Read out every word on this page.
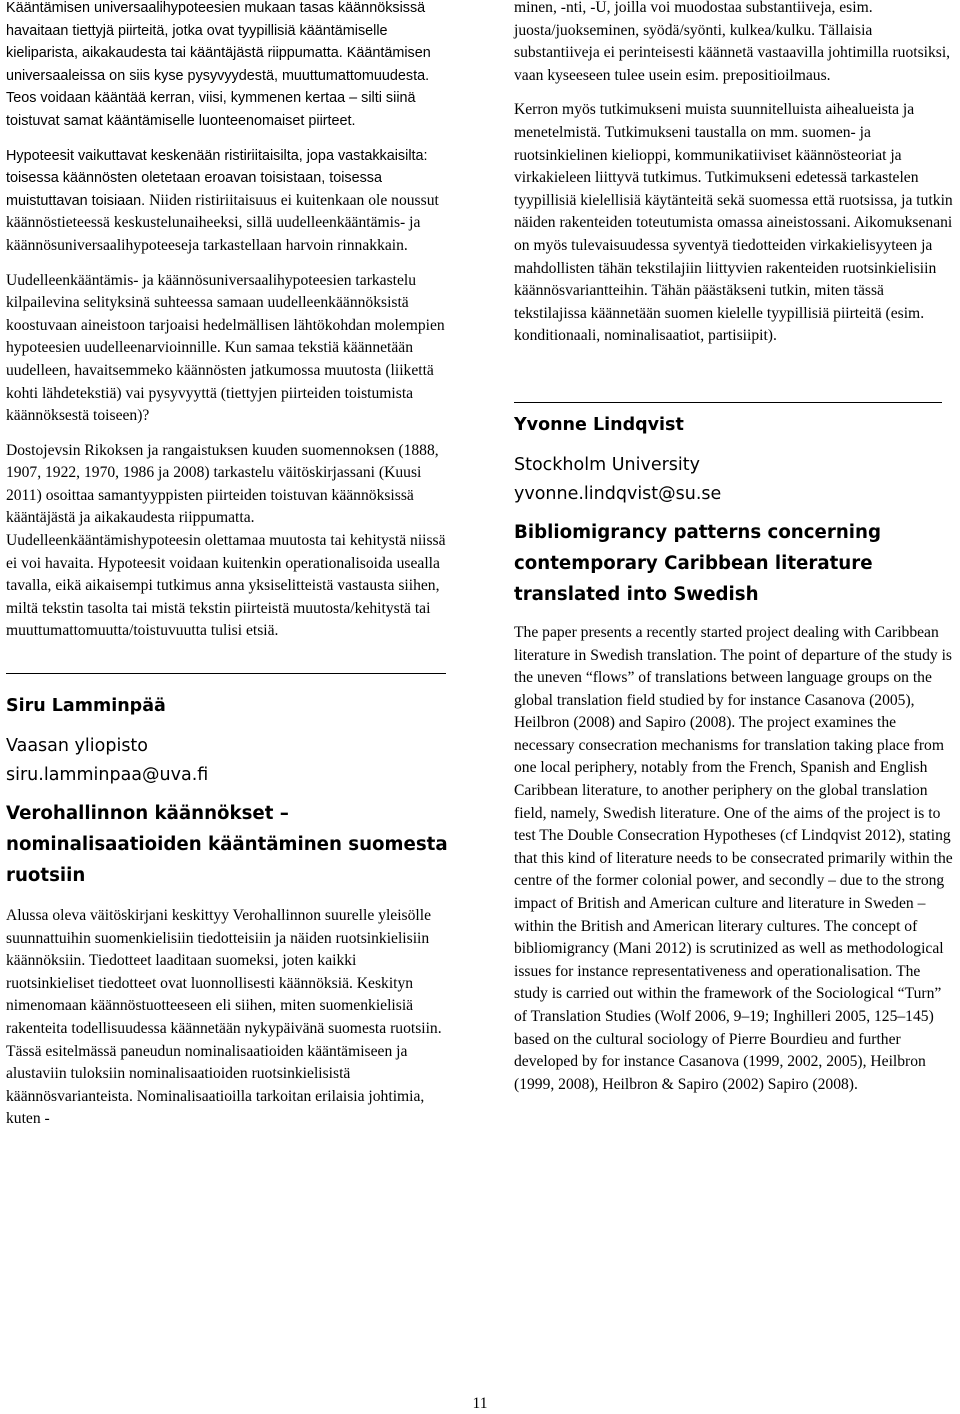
Kääntämisen universaalihypoteesien mukaan tasas käännöksissä havaitaan tiettyjä piirteitä, jotka ovat tyypillisiä kääntämiselle kieliparista, aikakaudesta tai kääntäjästä riippumatta. Kääntämisen universaaleissa on siis kyse pysyvyydestä, muuttumattomuudesta. Teos voidaan kääntää kerran, viisi, kymmenen kertaa – silti siinä toistuvat samat kääntämiselle luonteenomaiset piirteet.

Hypoteesit vaikuttavat keskenään ristiriitaisilta, jopa vastakkaisilta: toisessa käännösten oletetaan eroavan toisistaan, toisessa muistuttavan toisiaan. Niiden ristiriitaisuus ei kuitenkaan ole noussut käännöstieteessä keskustelunaiheeksi, sillä uudelleenkääntämis- ja käännösuniversaalihypoteeseja tarkastellaan harvoin rinnakkain.

Uudelleenkääntämis- ja käännösuniversaalihypoteesien tarkastelu kilpailevina selityksinä suhteessa samaan uudelleenkäännöksistä koostuvaan aineistoon tarjoaisi hedelmällisen lähtökohdan molempien hypoteesien uudelleenarvioinnille. Kun samaa tekstiä käännetään uudelleen, havaitsemmeko käännösten jatkumossa muutosta (liikettä kohti lähdetekstiä) vai pysyvyyttä (tiettyjen piirteiden toistumista käännöksestä toiseen)?

Dostojevsin Rikoksen ja rangaistuksen kuuden suomennoksen (1888, 1907, 1922, 1970, 1986 ja 2008) tarkastelu väitöskirjassani (Kuusi 2011) osoittaa samantyyppisten piirteiden toistuvan käännöksissä kääntäjästä ja aikakaudesta riippumatta. Uudelleenkääntämishypoteesin olettamaa muutosta tai kehitystä niissä ei voi havaita. Hypoteesit voidaan kuitenkin operationalisoida usealla tavalla, eikä aikaisempi tutkimus anna yksiselitteistä vastausta siihen, miltä tekstin tasolta tai mistä tekstin piirteistä muutosta/kehitystä tai muuttumattomuutta/toistuvuutta tulisi etsiä.

Siru Lamminpää

Vaasan yliopisto

siru.lamminpaa@uva.fi

Verohallinnon käännökset – nominalisaatioiden kääntäminen suomesta ruotsiin

Alussa oleva väitöskirjani keskittyy Verohallinnon suurelle yleisölle suunnattuihin suomenkielisiin tiedotteisiin ja näiden ruotsinkielisiin käännöksiin. Tiedotteet laaditaan suomeksi, joten kaikki ruotsinkieliset tiedotteet ovat luonnollisesti käännöksiä. Keskityn nimenomaan käännöstuotteeseen eli siihen, miten suomenkielisiä rakenteita todellisuudessa käännetään nykypäivänä suomesta ruotsiin. Tässä esitelmässä paneudun nominalisaatioiden kääntämiseen ja alustaviin tuloksiin nominalisaatioiden ruotsinkielisistä käännösvarianteista. Nominalisaatioilla tarkoitan erilaisia johtimia, kuten -

minen, -nti, -U, joilla voi muodostaa substantiiveja, esim. juosta/juokseminen, syödä/syönti, kulkea/kulku. Tällaisia substantiiveja ei perinteisesti käännetä vastaavilla johtimilla ruotsiksi, vaan kyseeseen tulee usein esim. prepositioilmaus.

Kerron myös tutkimukseni muista suunnitelluista aihealueista ja menetelmistä. Tutkimukseni taustalla on mm. suomen- ja ruotsinkielinen kielioppi, kommunikatiiviset käännösteoriat ja virkakieleen liittyvä tutkimus. Tutkimukseni edetessä tarkastelen tyypillisiä kielellisiä käytänteitä sekä suomessa että ruotsissa, ja tutkin näiden rakenteiden toteutumista omassa aineistossani. Aikomuksenani on myös tulevaisuudessa syventyä tiedotteiden virkakielisyyteen ja mahdollisten tähän tekstilajiin liittyvien rakenteiden ruotsinkielisiin käännösvariantteihin. Tähän päästäkseni tutkin, miten tässä tekstilajissa käännetään suomen kielelle tyypillisiä piirteitä (esim. konditionaali, nominalisaatiot, partisiipit).

Yvonne Lindqvist

Stockholm University

yvonne.lindqvist@su.se

Bibliomigrancy patterns concerning contemporary Caribbean literature translated into Swedish

The paper presents a recently started project dealing with Caribbean literature in Swedish translation. The point of departure of the study is the uneven “flows” of translations between language groups on the global translation field studied by for instance Casanova (2005), Heilbron (2008) and Sapiro (2008). The project examines the necessary consecration mechanisms for translation taking place from one local periphery, notably from the French, Spanish and English Caribbean literature, to another periphery on the global translation field, namely, Swedish literature. One of the aims of the project is to test The Double Consecration Hypotheses (cf Lindqvist 2012), stating that this kind of literature needs to be consecrated primarily within the centre of the former colonial power, and secondly – due to the strong impact of British and American culture and literature in Sweden – within the British and American literary cultures. The concept of bibliomigrancy (Mani 2012) is scrutinized as well as methodological issues for instance representativeness and operationalisation. The study is carried out within the framework of the Sociological “Turn” of Translation Studies (Wolf 2006, 9–19; Inghilleri 2005, 125–145) based on the cultural sociology of Pierre Bourdieu and further developed by for instance Casanova (1999, 2002, 2005), Heilbron (1999, 2008), Heilbron & Sapiro (2002) Sapiro (2008).

11
